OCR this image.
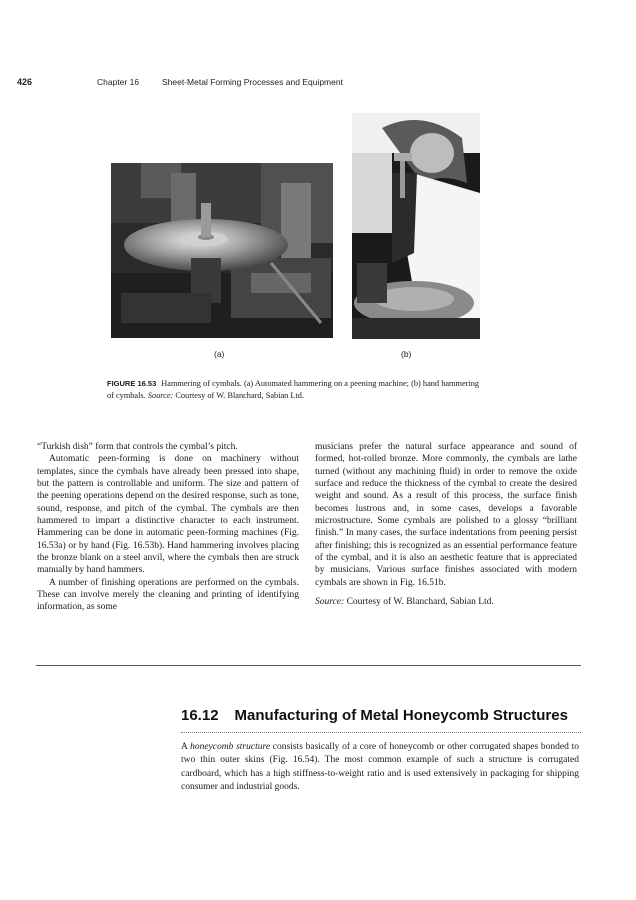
426	Chapter 16	Sheet-Metal Forming Processes and Equipment
(a)	(b)
FIGURE 16.53 Hammering of cymbals. (a) Automated hammering on a peening machine; (b) hand hammering of cymbals. Source: Courtesy of W. Blanchard, Sabian Ltd.

“Turkish dish” form that controls the cymbal’s pitch.

Automatic peen-forming is done on machinery without templates, since the cymbals have already been pressed into shape, but the pattern is controllable and uniform. The size and pattern of the peening operations depend on the desired response, such as tone, sound, response, and pitch of the cymbal. The cymbals are then hammered to impart a distinctive character to each instrument. Hammering can be done in automatic peen-forming machines (Fig. 16.53a) or by hand (Fig. 16.53b). Hand hammering involves placing the bronze blank on a steel anvil, where the cymbals then are struck manually by hand hammers.

A number of finishing operations are performed on the cymbals. These can involve merely the cleaning and printing of identifying information, as some

musicians prefer the natural surface appearance and sound of formed, hot-rolled bronze. More commonly, the cymbals are lathe turned (without any machining fluid) in order to remove the oxide surface and reduce the thickness of the cymbal to create the desired weight and sound. As a result of this process, the surface finish becomes lustrous and, in some cases, develops a favorable microstructure. Some cymbals are polished to a glossy “brilliant finish.” In many cases, the surface indentations from peening persist after finishing; this is recognized as an essential performance feature of the cymbal, and it is also an aesthetic feature that is appreciated by musicians. Various surface finishes associated with modern cymbals are shown in Fig. 16.51b.

Source: Courtesy of W. Blanchard, Sabian Ltd.

16.12 Manufacturing of Metal Honeycomb Structures

A honeycomb structure consists basically of a core of honeycomb or other corrugated shapes bonded to two thin outer skins (Fig. 16.54). The most common example of such a structure is corrugated cardboard, which has a high stiffness-to-weight ratio and is used extensively in packaging for shipping consumer and industrial goods.
